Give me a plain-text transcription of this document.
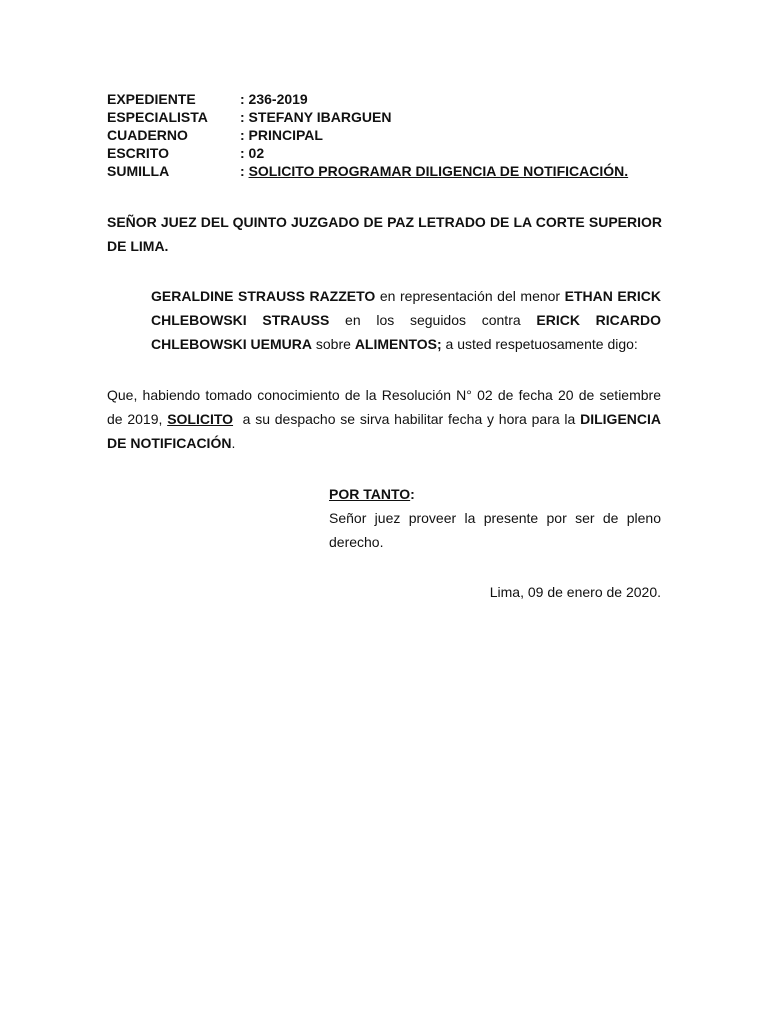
EXPEDIENTE	: 236-2019
ESPECIALISTA	: STEFANY IBARGUEN
CUADERNO	: PRINCIPAL
ESCRITO	: 02
SUMILLA	: SOLICITO PROGRAMAR DILIGENCIA DE NOTIFICACIÓN.
SEÑOR JUEZ DEL QUINTO JUZGADO DE PAZ LETRADO DE LA CORTE SUPERIOR DE LIMA.
GERALDINE STRAUSS RAZZETO en representación del menor ETHAN ERICK CHLEBOWSKI STRAUSS en los seguidos contra ERICK RICARDO CHLEBOWSKI UEMURA sobre ALIMENTOS; a usted respetuosamente digo:
Que, habiendo tomado conocimiento de la Resolución N° 02 de fecha 20 de setiembre de 2019, SOLICITO  a su despacho se sirva habilitar fecha y hora para la DILIGENCIA DE NOTIFICACIÓN.
POR TANTO:
Señor juez proveer la presente por ser de pleno derecho.
Lima, 09 de enero de 2020.
